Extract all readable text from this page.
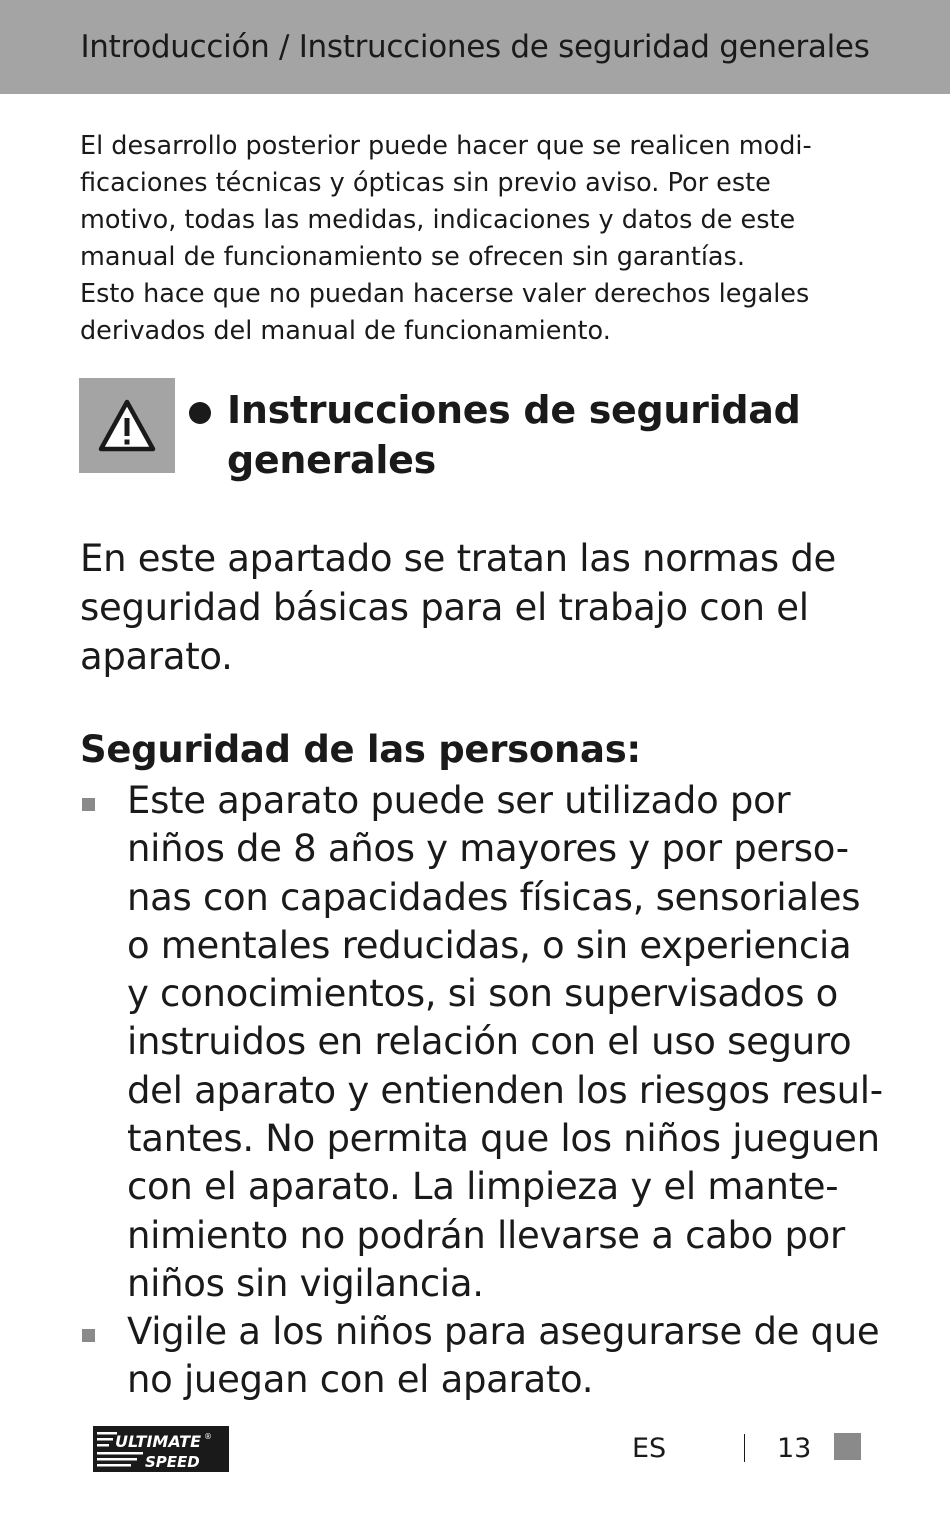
Introducción / Instrucciones de seguridad generales

El desarrollo posterior puede hacer que se realicen modi-
ficaciones técnicas y ópticas sin previo aviso. Por este
motivo, todas las medidas, indicaciones y datos de este
manual de funcionamiento se ofrecen sin garantías.
Esto hace que no puedan hacerse valer derechos legales
derivados del manual de funcionamiento.

Instrucciones de seguridad
generales

En este apartado se tratan las normas de
seguridad básicas para el trabajo con el
aparato.

Seguridad de las personas:

Este aparato puede ser utilizado por
niños de 8 años y mayores y por perso-
nas con capacidades físicas, sensoriales
o mentales reducidas, o sin experiencia
y conocimientos, si son supervisados o
instruidos en relación con el uso seguro
del aparato y entienden los riesgos resul-
tantes. No permita que los niños jueguen
con el aparato. La limpieza y el mante-
nimiento no podrán llevarse a cabo por
niños sin vigilancia.

Vigile a los niños para asegurarse de que
no juegan con el aparato.

ULTIMATE ®
SPEED	ES	13
